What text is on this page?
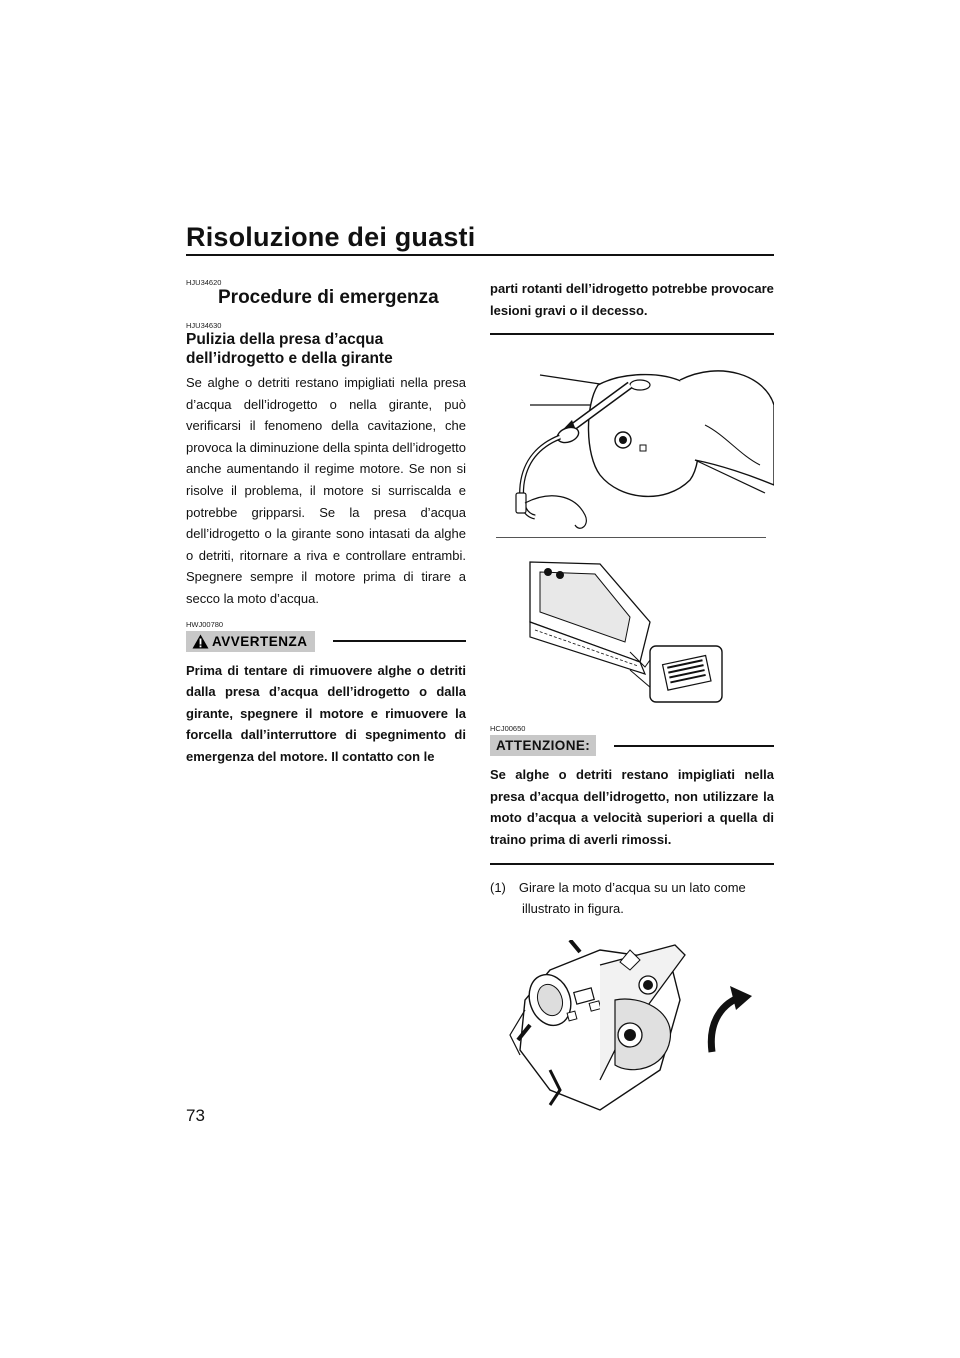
Risoluzione dei guasti
HJU34620
Procedure di emergenza
HJU34630
Pulizia della presa d’acqua dell’idrogetto e della girante
Se alghe o detriti restano impigliati nella presa d’acqua dell’idrogetto o nella girante, può verificarsi il fenomeno della cavitazione, che provoca la diminuzione della spinta dell’idrogetto anche aumentando il regime motore. Se non si risolve il problema, il motore si surriscalda e potrebbe gripparsi. Se la presa d’acqua dell’idrogetto o la girante sono intasati da alghe o detriti, ritornare a riva e controllare entrambi. Spegnere sempre il motore prima di tirare a secco la moto d’acqua.
HWJ00780
AVVERTENZA
Prima di tentare di rimuovere alghe o detriti dalla presa d’acqua dell’idrogetto o dalla girante, spegnere il motore e rimuovere la forcella dall’interruttore di spegnimento di emergenza del motore. Il contatto con le
parti rotanti dell’idrogetto potrebbe provocare lesioni gravi o il decesso.
HCJ00650
ATTENZIONE:
Se alghe o detriti restano impigliati nella presa d’acqua dell’idrogetto, non utilizzare la moto d’acqua a velocità superiori a quella di traino prima di averli rimossi.
(1) Girare la moto d’acqua su un lato come illustrato in figura.
73
